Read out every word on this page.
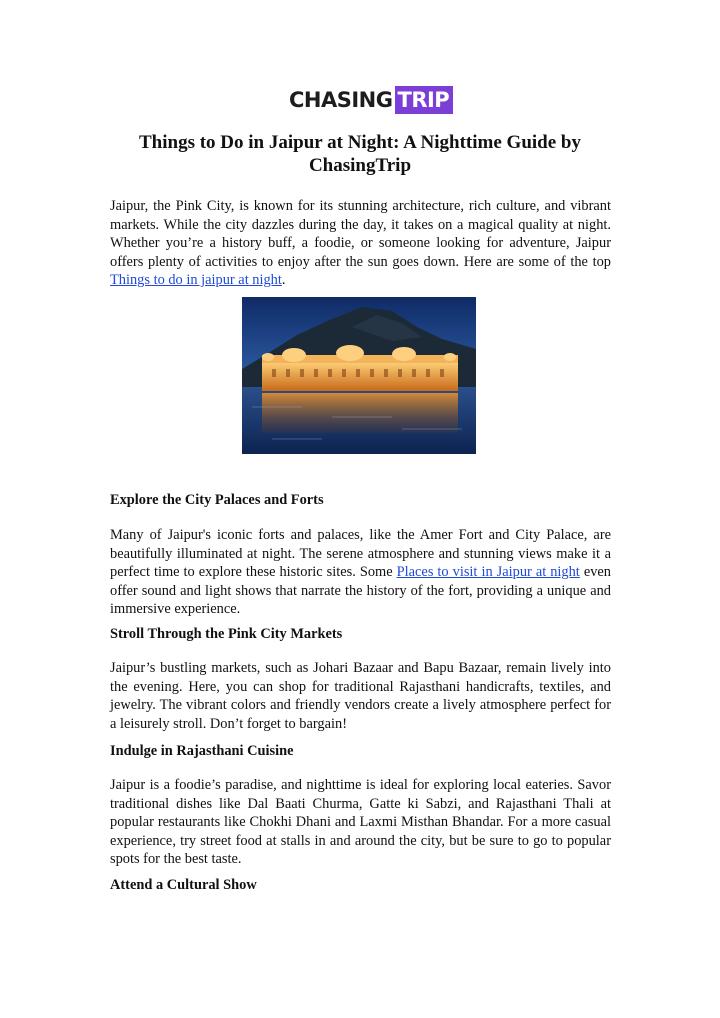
CHASING TRIP
Things to Do in Jaipur at Night: A Nighttime Guide by ChasingTrip

Jaipur, the Pink City, is known for its stunning architecture, rich culture, and vibrant markets. While the city dazzles during the day, it takes on a magical quality at night. Whether you’re a history buff, a foodie, or someone looking for adventure, Jaipur offers plenty of activities to enjoy after the sun goes down. Here are some of the top Things to do in jaipur at night.

Explore the City Palaces and Forts

Many of Jaipur's iconic forts and palaces, like the Amer Fort and City Palace, are beautifully illuminated at night. The serene atmosphere and stunning views make it a perfect time to explore these historic sites. Some Places to visit in Jaipur at night even offer sound and light shows that narrate the history of the fort, providing a unique and immersive experience.

Stroll Through the Pink City Markets

Jaipur’s bustling markets, such as Johari Bazaar and Bapu Bazaar, remain lively into the evening. Here, you can shop for traditional Rajasthani handicrafts, textiles, and jewelry. The vibrant colors and friendly vendors create a lively atmosphere perfect for a leisurely stroll. Don’t forget to bargain!

Indulge in Rajasthani Cuisine

Jaipur is a foodie’s paradise, and nighttime is ideal for exploring local eateries. Savor traditional dishes like Dal Baati Churma, Gatte ki Sabzi, and Rajasthani Thali at popular restaurants like Chokhi Dhani and Laxmi Misthan Bhandar. For a more casual experience, try street food at stalls in and around the city, but be sure to go to popular spots for the best taste.

Attend a Cultural Show
